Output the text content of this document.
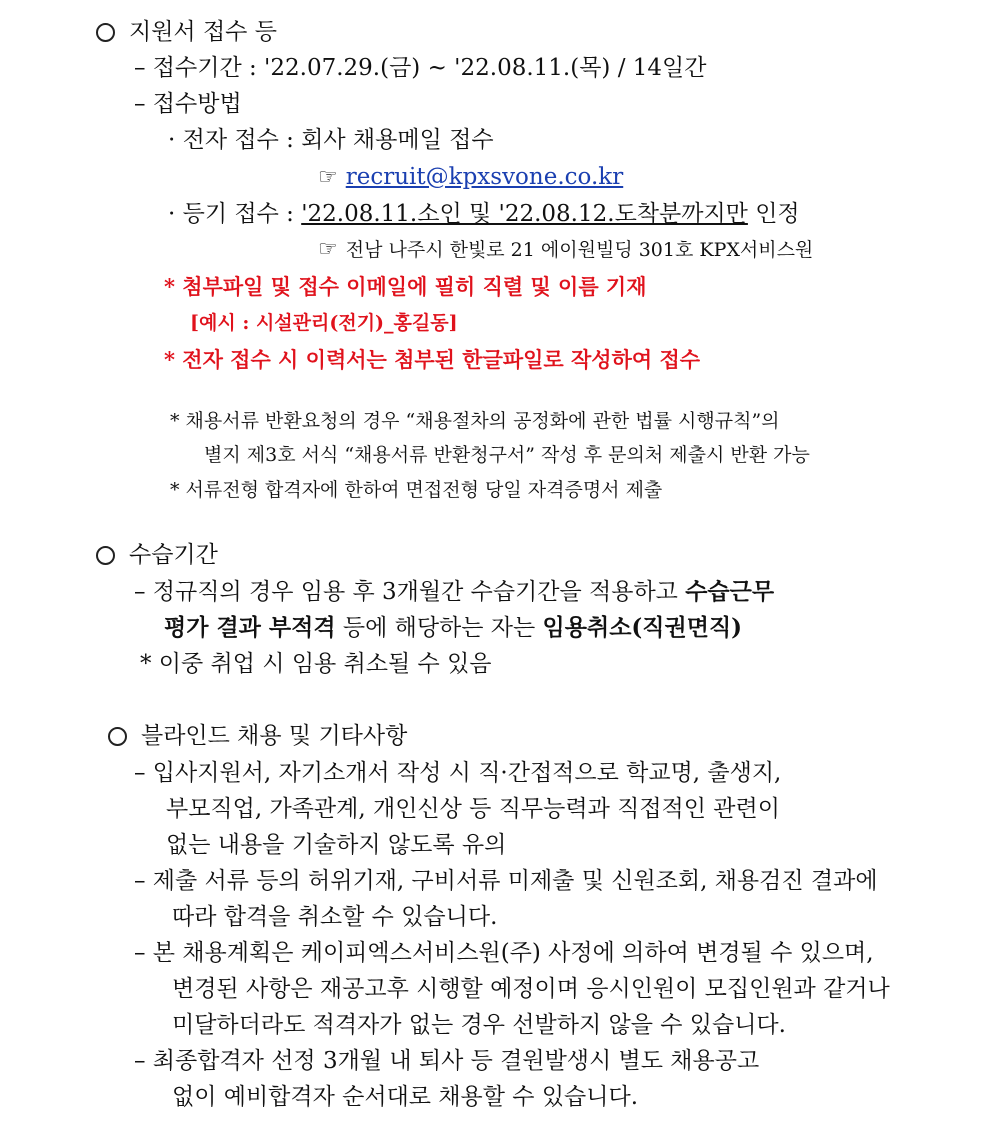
지원서 접수 등
– 접수기간 : '22.07.29.(금) ~ '22.08.11.(목) / 14일간
– 접수방법
· 전자 접수 : 회사 채용메일 접수
☞ recruit@kpxsvone.co.kr
· 등기 접수 : '22.08.11.소인 및 '22.08.12.도착분까지만 인정
☞ 전남 나주시 한빛로 21 에이원빌딩 301호 KPX서비스원
* 첨부파일 및 접수 이메일에 필히 직렬 및 이름 기재
[예시 : 시설관리(전기)_홍길동]
* 전자 접수 시 이력서는 첨부된 한글파일로 작성하여 접수
* 채용서류 반환요청의 경우 “채용절차의 공정화에 관한 법률 시행규칙”의
별지 제3호 서식 “채용서류 반환청구서” 작성 후 문의처 제출시 반환 가능
* 서류전형 합격자에 한하여 면접전형 당일 자격증명서 제출
수습기간
– 정규직의 경우 임용 후 3개월간 수습기간을 적용하고 수습근무
평가 결과 부적격 등에 해당하는 자는 임용취소(직권면직)
* 이중 취업 시 임용 취소될 수 있음
블라인드 채용 및 기타사항
– 입사지원서, 자기소개서 작성 시 직·간접적으로 학교명, 출생지,
부모직업, 가족관계, 개인신상 등 직무능력과 직접적인 관련이
없는 내용을 기술하지 않도록 유의
– 제출 서류 등의 허위기재, 구비서류 미제출 및 신원조회, 채용검진 결과에
따라 합격을 취소할 수 있습니다.
– 본 채용계획은 케이피엑스서비스원(주) 사정에 의하여 변경될 수 있으며,
변경된 사항은 재공고후 시행할 예정이며 응시인원이 모집인원과 같거나
미달하더라도 적격자가 없는 경우 선발하지 않을 수 있습니다.
– 최종합격자 선정 3개월 내 퇴사 등 결원발생시 별도 채용공고
없이 예비합격자 순서대로 채용할 수 있습니다.
